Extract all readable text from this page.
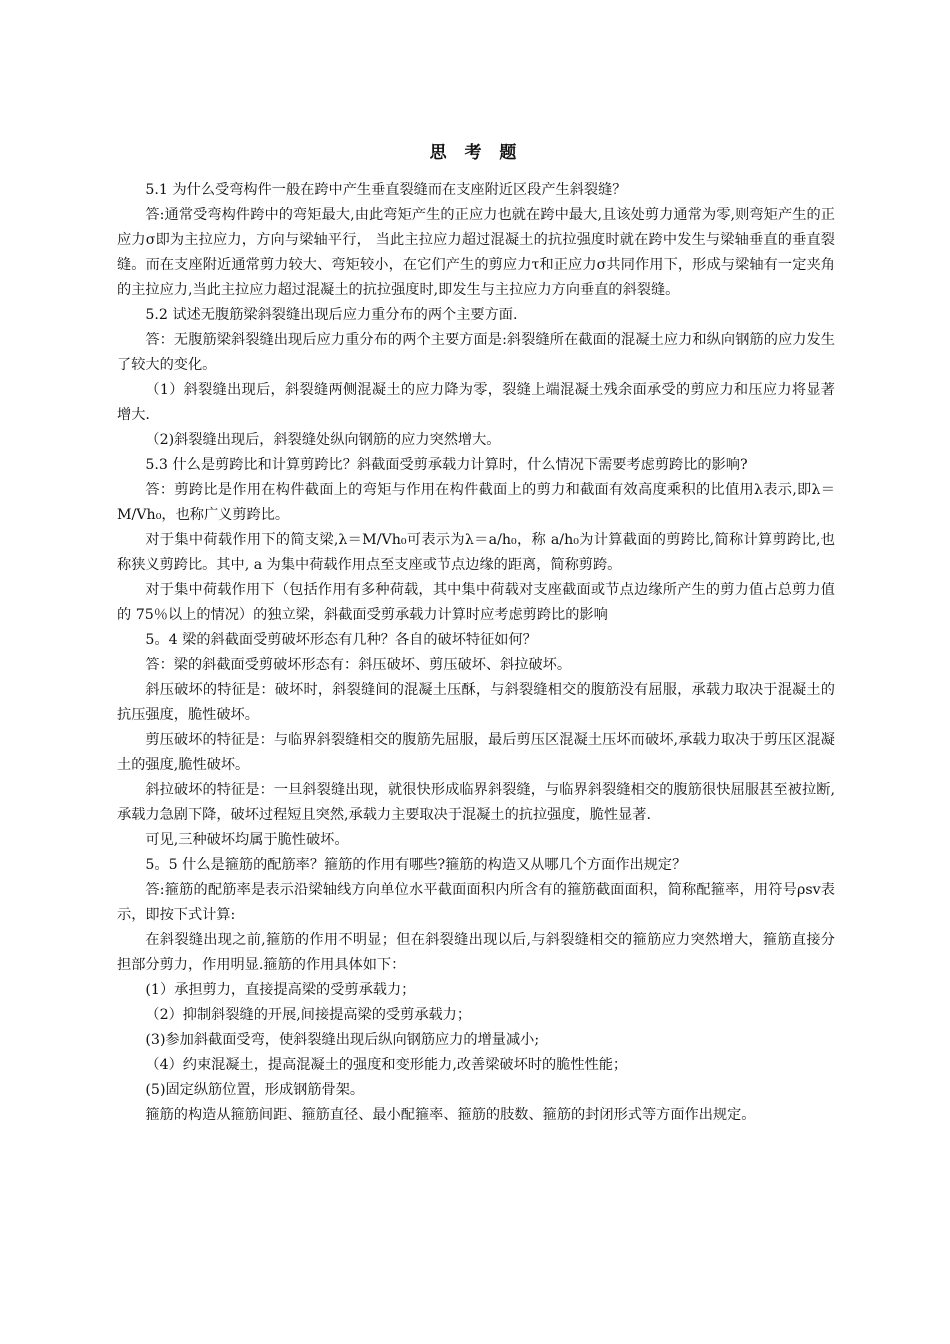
思 考 题

5.1 为什么受弯构件一般在跨中产生垂直裂缝而在支座附近区段产生斜裂缝？

答:通常受弯构件跨中的弯矩最大,由此弯矩产生的正应力也就在跨中最大,且该处剪力通常为零,则弯矩产生的正应力σ即为主拉应力，方向与梁轴平行， 当此主拉应力超过混凝土的抗拉强度时就在跨中发生与梁轴垂直的垂直裂缝。而在支座附近通常剪力较大、弯矩较小，在它们产生的剪应力τ和正应力σ共同作用下，形成与梁轴有一定夹角的主拉应力,当此主拉应力超过混凝土的抗拉强度时,即发生与主拉应力方向垂直的斜裂缝。

5.2 试述无腹筋梁斜裂缝出现后应力重分布的两个主要方面.

答：无腹筋梁斜裂缝出现后应力重分布的两个主要方面是:斜裂缝所在截面的混凝土应力和纵向钢筋的应力发生了较大的变化。

（1）斜裂缝出现后，斜裂缝两侧混凝土的应力降为零，裂缝上端混凝土残余面承受的剪应力和压应力将显著增大.

（2)斜裂缝出现后，斜裂缝处纵向钢筋的应力突然增大。

5.3 什么是剪跨比和计算剪跨比？斜截面受剪承载力计算时，什么情况下需要考虑剪跨比的影响?

答：剪跨比是作用在构件截面上的弯矩与作用在构件截面上的剪力和截面有效高度乘积的比值用λ表示,即λ＝M/Vh₀，也称广义剪跨比。

对于集中荷载作用下的简支梁,λ＝M/Vh₀可表示为λ＝a/h₀，称 a/h₀为计算截面的剪跨比,简称计算剪跨比,也称狭义剪跨比。其中, a 为集中荷载作用点至支座或节点边缘的距离，简称剪跨。

对于集中荷载作用下（包括作用有多种荷载，其中集中荷载对支座截面或节点边缘所产生的剪力值占总剪力值的 75％以上的情况）的独立梁，斜截面受剪承载力计算时应考虑剪跨比的影响

5。4 梁的斜截面受剪破坏形态有几种？各自的破坏特征如何？

答：梁的斜截面受剪破坏形态有：斜压破坏、剪压破坏、斜拉破坏。

斜压破坏的特征是：破坏时，斜裂缝间的混凝土压酥，与斜裂缝相交的腹筋没有屈服，承载力取决于混凝土的抗压强度，脆性破坏。

剪压破坏的特征是：与临界斜裂缝相交的腹筋先屈服，最后剪压区混凝土压坏而破坏,承载力取决于剪压区混凝土的强度,脆性破坏。

斜拉破坏的特征是：一旦斜裂缝出现，就很快形成临界斜裂缝，与临界斜裂缝相交的腹筋很快屈服甚至被拉断,承载力急剧下降，破坏过程短且突然,承载力主要取决于混凝土的抗拉强度，脆性显著.

可见,三种破坏均属于脆性破坏。

5。5 什么是箍筋的配筋率？箍筋的作用有哪些?箍筋的构造又从哪几个方面作出规定？

答:箍筋的配筋率是表示沿梁轴线方向单位水平截面面积内所含有的箍筋截面面积，简称配箍率，用符号ρsv表示，即按下式计算:

在斜裂缝出现之前,箍筋的作用不明显；但在斜裂缝出现以后,与斜裂缝相交的箍筋应力突然增大，箍筋直接分担部分剪力，作用明显.箍筋的作用具体如下：

(1）承担剪力，直接提高梁的受剪承载力；

（2）抑制斜裂缝的开展,间接提高梁的受剪承载力；

(3)参加斜截面受弯，使斜裂缝出现后纵向钢筋应力的增量减小;

（4）约束混凝土，提高混凝土的强度和变形能力,改善梁破坏时的脆性性能；

(5)固定纵筋位置，形成钢筋骨架。

箍筋的构造从箍筋间距、箍筋直径、最小配箍率、箍筋的肢数、箍筋的封闭形式等方面作出规定。
